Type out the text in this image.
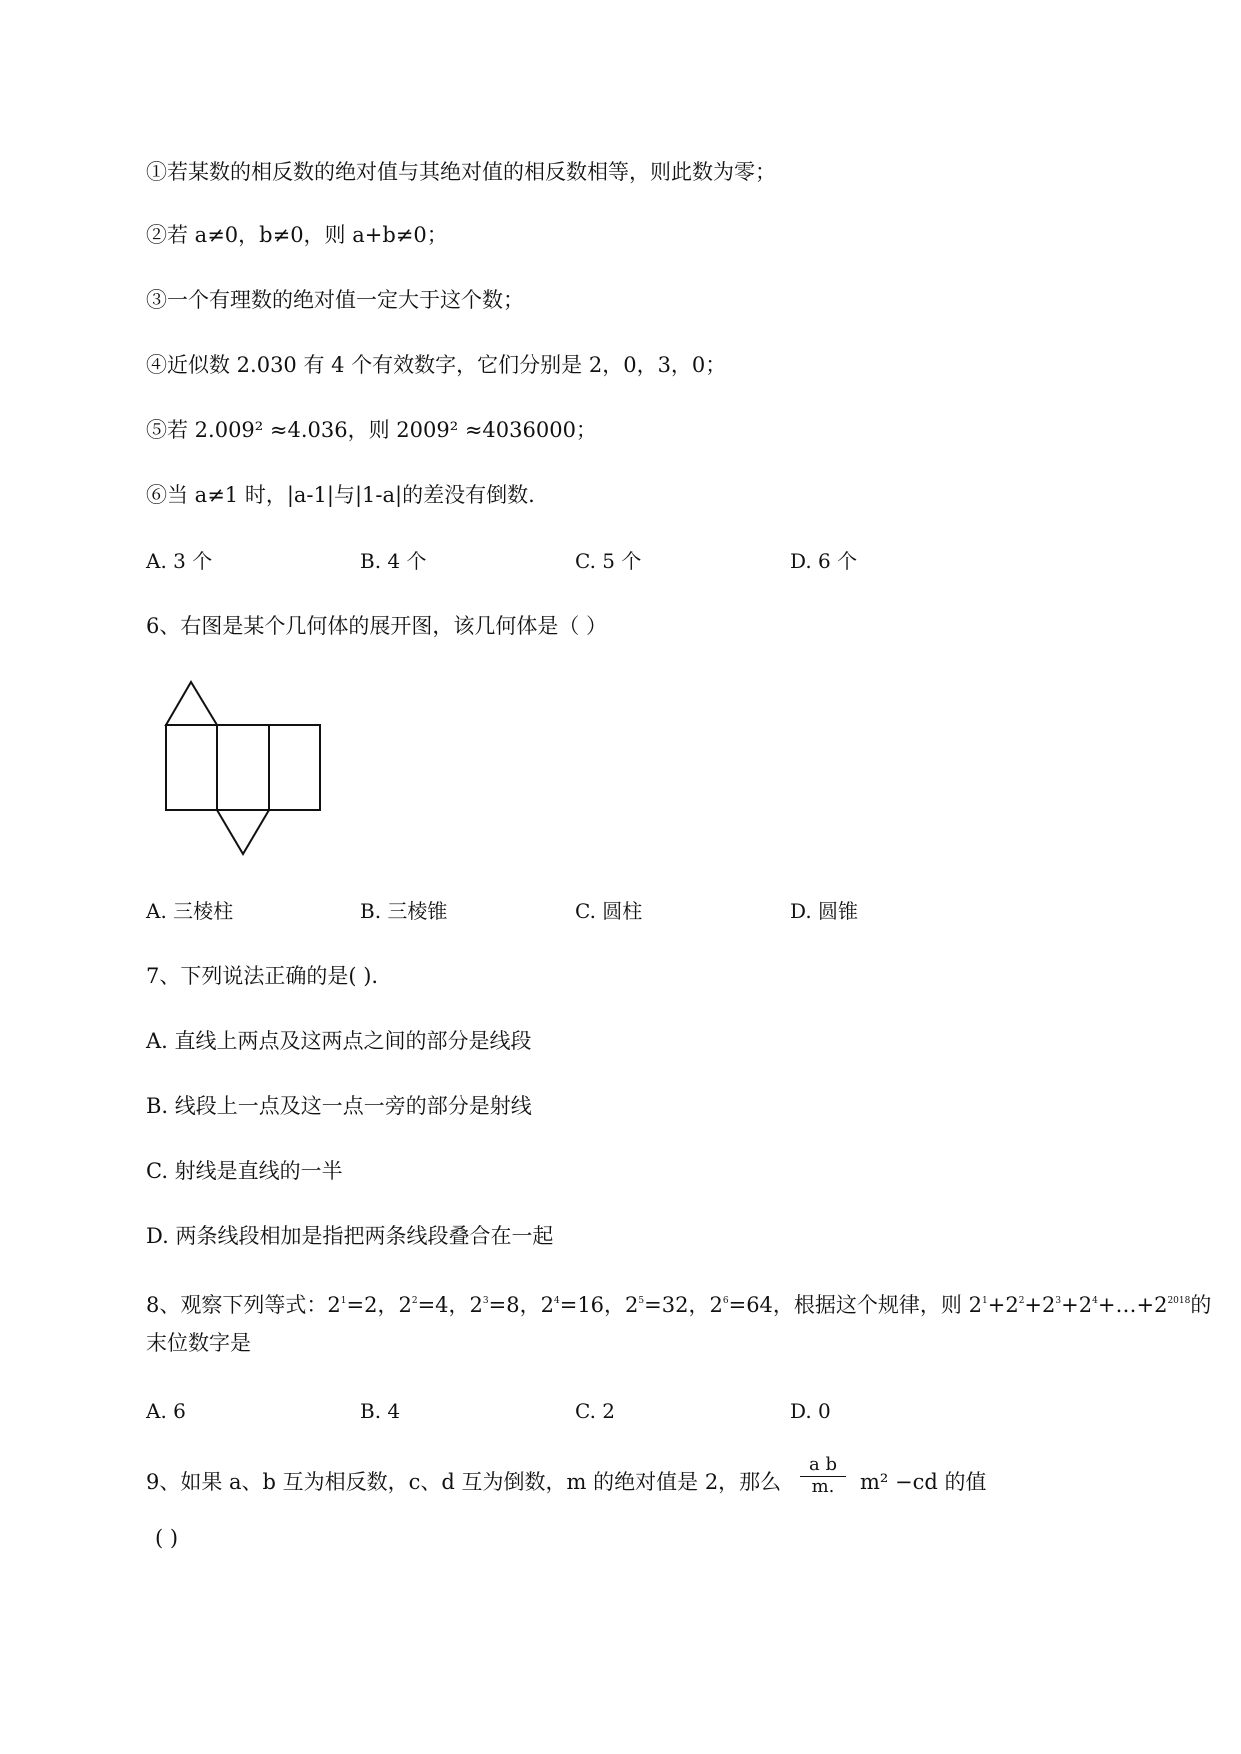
①若某数的相反数的绝对值与其绝对值的相反数相等，则此数为零；
②若 a≠0，b≠0，则 a+b≠0；
③一个有理数的绝对值一定大于这个数；
④近似数 2.030 有 4 个有效数字，它们分别是 2，0，3，0；
⑤若 2.009² ≈4.036，则 2009² ≈4036000；
⑥当 a≠1 时，|a-1|与|1-a|的差没有倒数.
A. 3 个	B. 4 个	C. 5 个	D. 6 个
6、右图是某个几何体的展开图，该几何体是（ ）
A. 三棱柱	B. 三棱锥	C. 圆柱	D. 圆锥
7、下列说法正确的是( ).
A. 直线上两点及这两点之间的部分是线段
B. 线段上一点及这一点一旁的部分是射线
C. 射线是直线的一半
D. 两条线段相加是指把两条线段叠合在一起
8、观察下列等式：$2^1=2$，$2^2=4$，$2^3=8$，$2^4=16$，$2^5=32$，$2^6=64$，根据这个规律，则 $2^1+2^2+2^3+2^4+\dots+2^{2018}$的
末位数字是
A. 6	B. 4	C. 2	D. 0
9、如果 a、b 互为相反数，c、d 互为倒数，m 的绝对值是 2，那么
a b
m.	m² −cd 的值
( )
